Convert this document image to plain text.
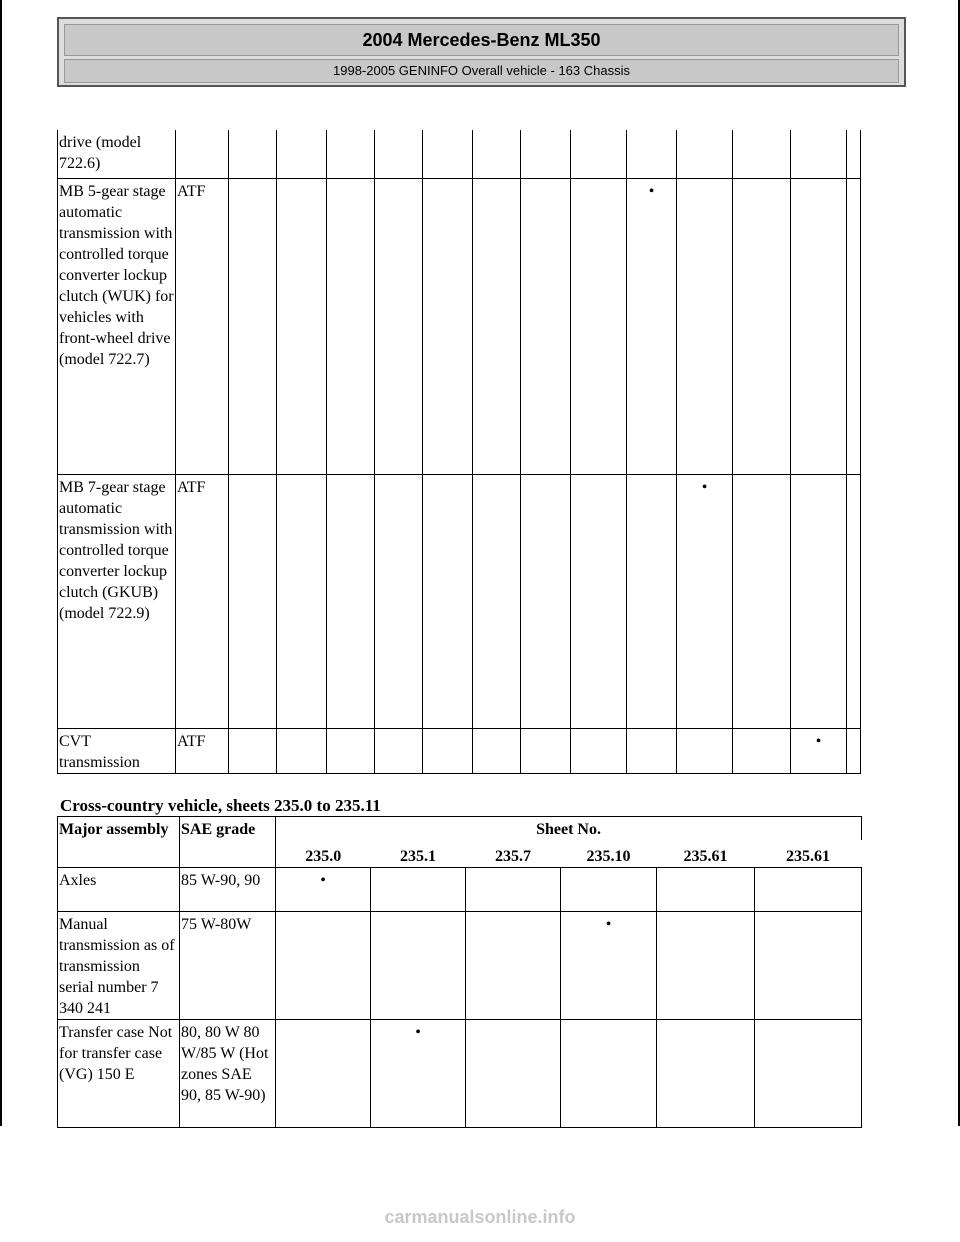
2004 Mercedes-Benz ML350
1998-2005 GENINFO Overall vehicle - 163 Chassis
drive (model 722.6)														
MB 5-gear stage automatic transmission with controlled torque converter lockup clutch (WUK) for vehicles with front-wheel drive (model 722.7)	ATF									•				
MB 7-gear stage automatic transmission with controlled torque converter lockup clutch (GKUB) (model 722.9)	ATF										•			
CVT transmission	ATF												•	
Cross-country vehicle, sheets 235.0 to 235.11
Major assembly	SAE grade	Sheet No.					
		235.0	235.1	235.7	235.10	235.61	235.61
Axles	85 W-90, 90	•					
Manual transmission as of transmission serial number 7 340 241	75 W-80W				•		
Transfer case Not for transfer case (VG) 150 E	80, 80 W 80 W/85 W (Hot zones SAE 90, 85 W-90)		•				
carmanualsonline.info
